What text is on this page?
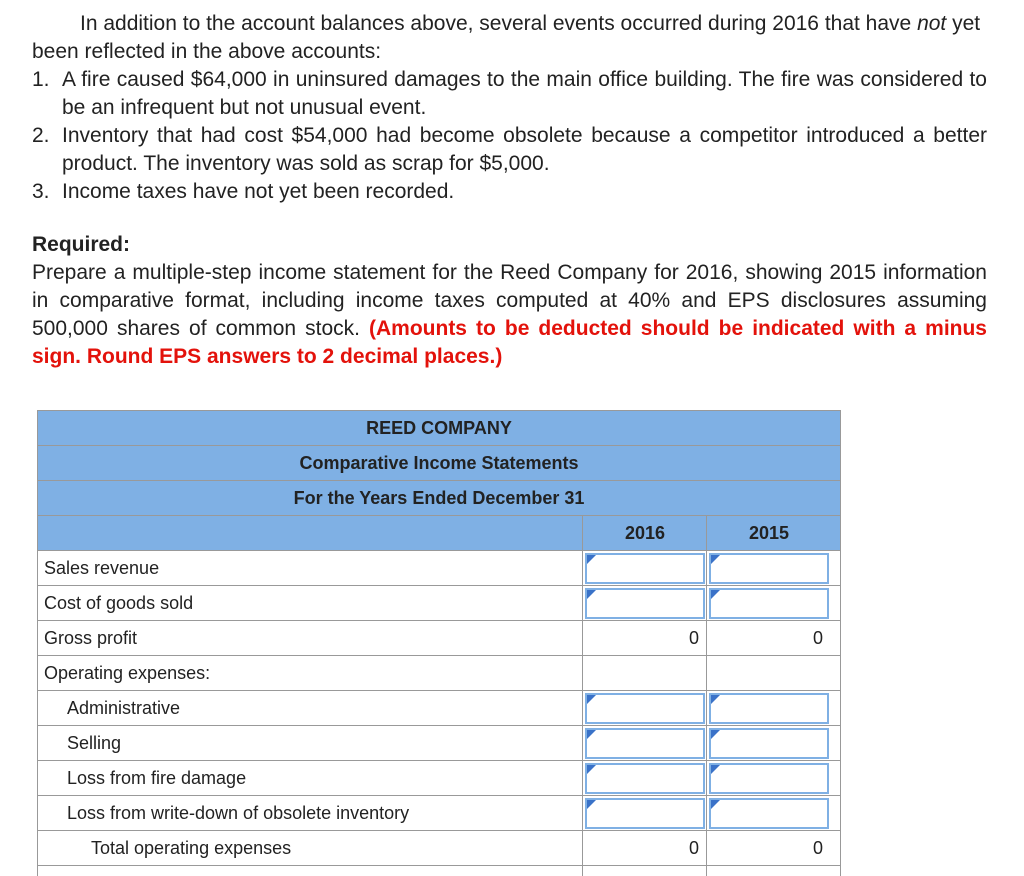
In addition to the account balances above, several events occurred during 2016 that have not yet been reflected in the above accounts:
1. A fire caused $64,000 in uninsured damages to the main office building. The fire was considered to be an infrequent but not unusual event.
2. Inventory that had cost $54,000 had become obsolete because a competitor introduced a better product. The inventory was sold as scrap for $5,000.
3. Income taxes have not yet been recorded.
Required:
Prepare a multiple-step income statement for the Reed Company for 2016, showing 2015 information in comparative format, including income taxes computed at 40% and EPS disclosures assuming 500,000 shares of common stock. (Amounts to be deducted should be indicated with a minus sign. Round EPS answers to 2 decimal places.)
REED COMPANY
Comparative Income Statements
For the Years Ended December 31
2016	2015
Sales revenue
Cost of goods sold
Gross profit	0	0
Operating expenses:
Administrative
Selling
Loss from fire damage
Loss from write-down of obsolete inventory
Total operating expenses	0	0
